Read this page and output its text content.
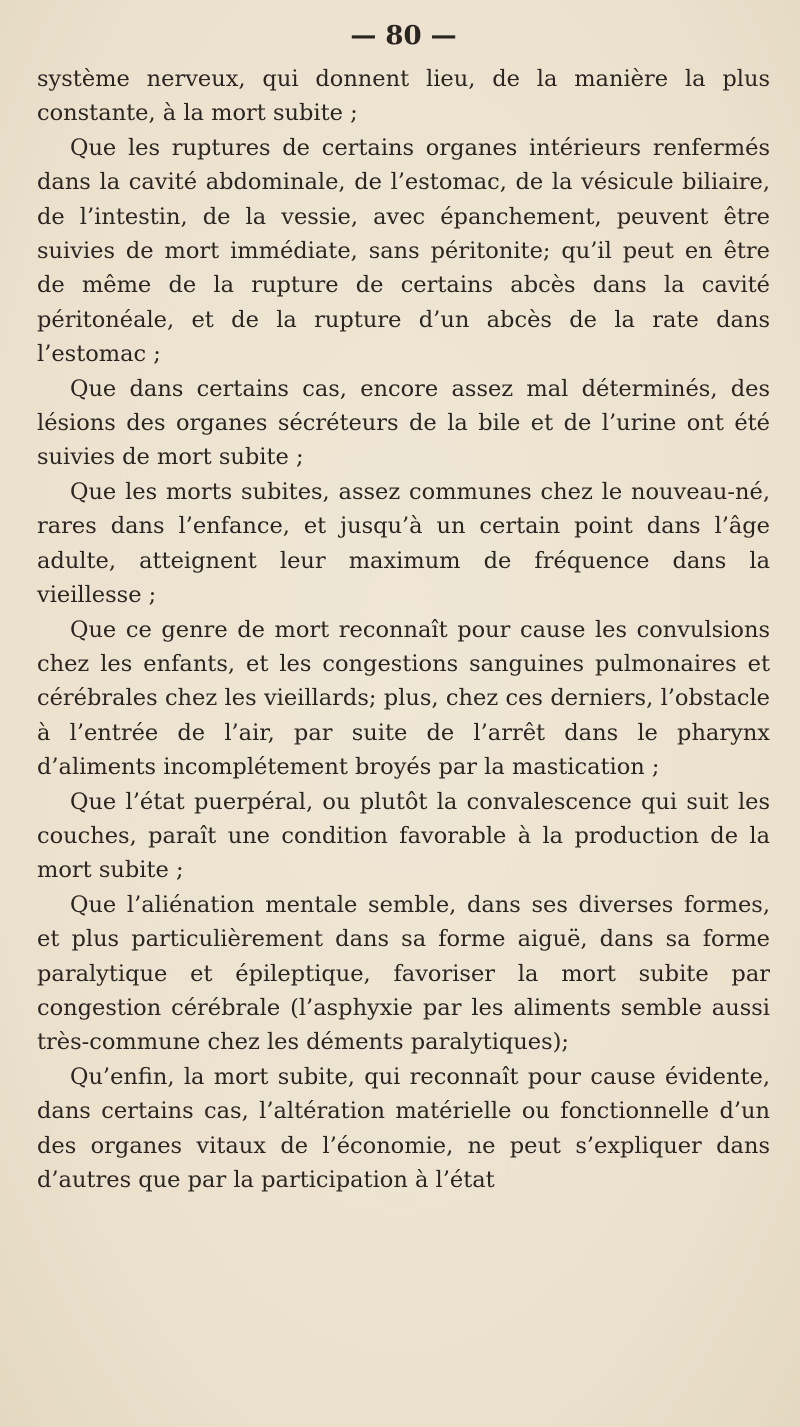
— 80 —

système nerveux, qui donnent lieu, de la manière la plus constante, à la mort subite ;

Que les ruptures de certains organes intérieurs renfermés dans la cavité abdominale, de l’estomac, de la vésicule biliaire, de l’intestin, de la vessie, avec épanchement, peuvent être suivies de mort immédiate, sans péritonite; qu’il peut en être de même de la rupture de certains abcès dans la cavité péritonéale, et de la rupture d’un abcès de la rate dans l’estomac ;

Que dans certains cas, encore assez mal déterminés, des lésions des organes sécréteurs de la bile et de l’urine ont été suivies de mort subite ;

Que les morts subites, assez communes chez le nouveau-né, rares dans l’enfance, et jusqu’à un certain point dans l’âge adulte, atteignent leur maximum de fréquence dans la vieillesse ;

Que ce genre de mort reconnaît pour cause les convulsions chez les enfants, et les congestions sanguines pulmonaires et cérébrales chez les vieillards; plus, chez ces derniers, l’obstacle à l’entrée de l’air, par suite de l’arrêt dans le pharynx d’aliments incomplétement broyés par la mastication ;

Que l’état puerpéral, ou plutôt la convalescence qui suit les couches, paraît une condition favorable à la production de la mort subite ;

Que l’aliénation mentale semble, dans ses diverses formes, et plus particulièrement dans sa forme aiguë, dans sa forme paralytique et épileptique, favoriser la mort subite par congestion cérébrale (l’asphyxie par les aliments semble aussi très-commune chez les déments paralytiques);

Qu’enfin, la mort subite, qui reconnaît pour cause évidente, dans certains cas, l’altération matérielle ou fonctionnelle d’un des organes vitaux de l’économie, ne peut s’expliquer dans d’autres que par la participation à l’état
